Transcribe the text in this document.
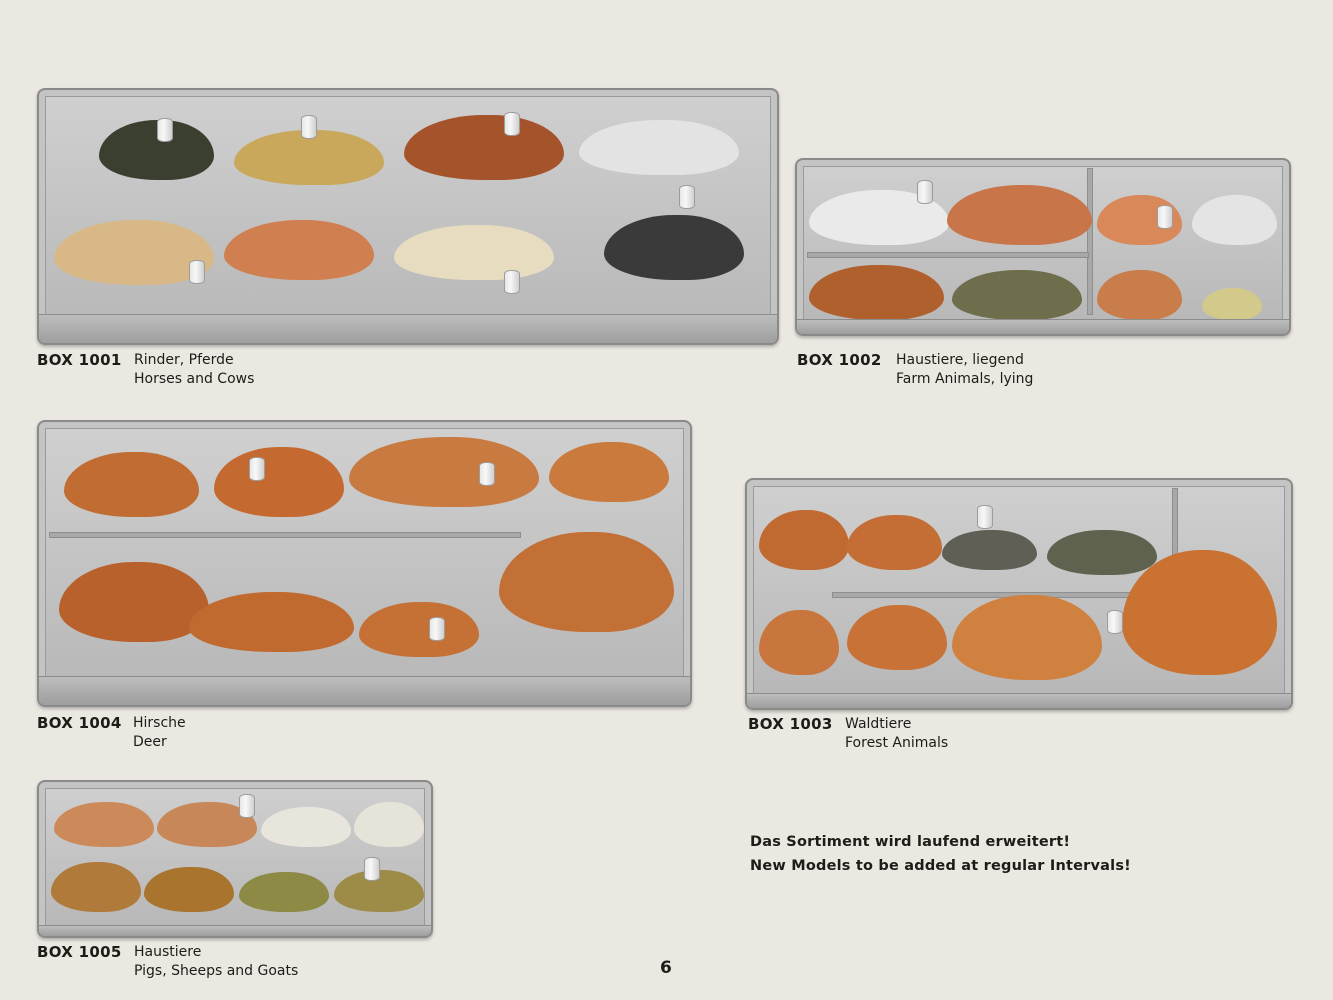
BOX 1001 Rinder, Pferde
Horses and Cows
BOX 1002 Haustiere, liegend
Farm Animals, lying
BOX 1004 Hirsche
Deer
BOX 1003 Waldtiere
Forest Animals
BOX 1005 Haustiere
Pigs, Sheeps and Goats
Das Sortiment wird laufend erweitert!
New Models to be added at regular Intervals!
6
